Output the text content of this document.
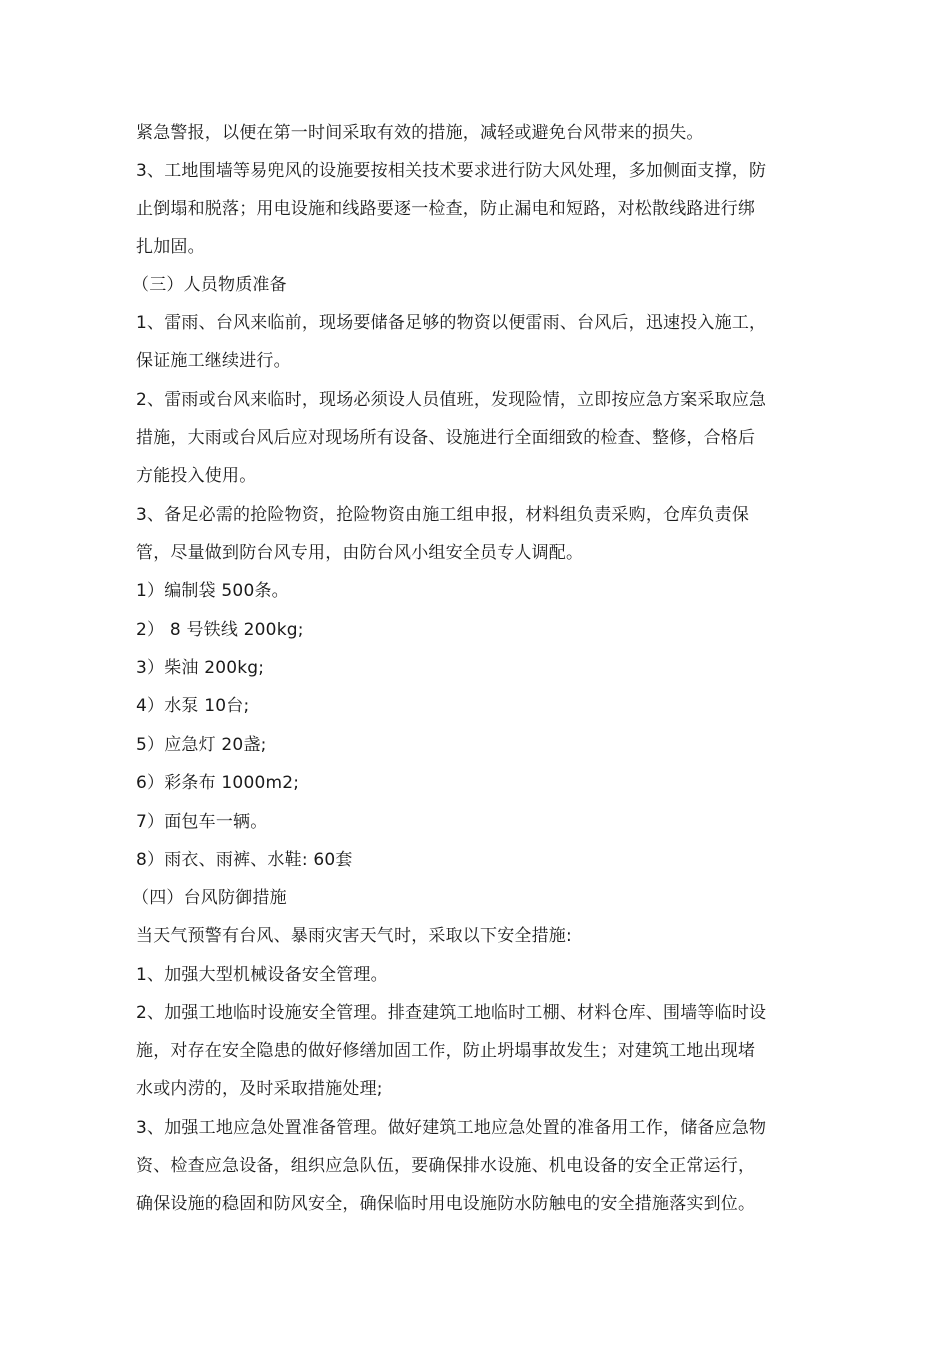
紧急警报，以便在第一时间采取有效的措施，减轻或避免台风带来的损失。
3、工地围墙等易兜风的设施要按相关技术要求进行防大风处理，多加侧面支撑，防
止倒塌和脱落；用电设施和线路要逐一检查，防止漏电和短路，对松散线路进行绑
扎加固。
（三）人员物质准备
1、雷雨、台风来临前，现场要储备足够的物资以便雷雨、台风后，迅速投入施工，
保证施工继续进行。
2、雷雨或台风来临时，现场必须设人员值班，发现险情，立即按应急方案采取应急
措施，大雨或台风后应对现场所有设备、设施进行全面细致的检查、整修，合格后
方能投入使用。
3、备足必需的抢险物资，抢险物资由施工组申报，材料组负责采购，仓库负责保
管，尽量做到防台风专用，由防台风小组安全员专人调配。
1）编制袋 500条。
2） 8 号铁线 200kg;
3）柴油 200kg;
4）水泵 10台;
5）应急灯 20盏;
6）彩条布 1000m2;
7）面包车一辆。
8）雨衣、雨裤、水鞋: 60套
（四）台风防御措施
当天气预警有台风、暴雨灾害天气时，采取以下安全措施:
1、加强大型机械设备安全管理。
2、加强工地临时设施安全管理。排查建筑工地临时工棚、材料仓库、围墙等临时设
施，对存在安全隐患的做好修缮加固工作，防止坍塌事故发生；对建筑工地出现堵
水或内涝的，及时采取措施处理;
3、加强工地应急处置准备管理。做好建筑工地应急处置的准备用工作，储备应急物
资、检查应急设备，组织应急队伍，要确保排水设施、机电设备的安全正常运行，
确保设施的稳固和防风安全，确保临时用电设施防水防触电的安全措施落实到位。
